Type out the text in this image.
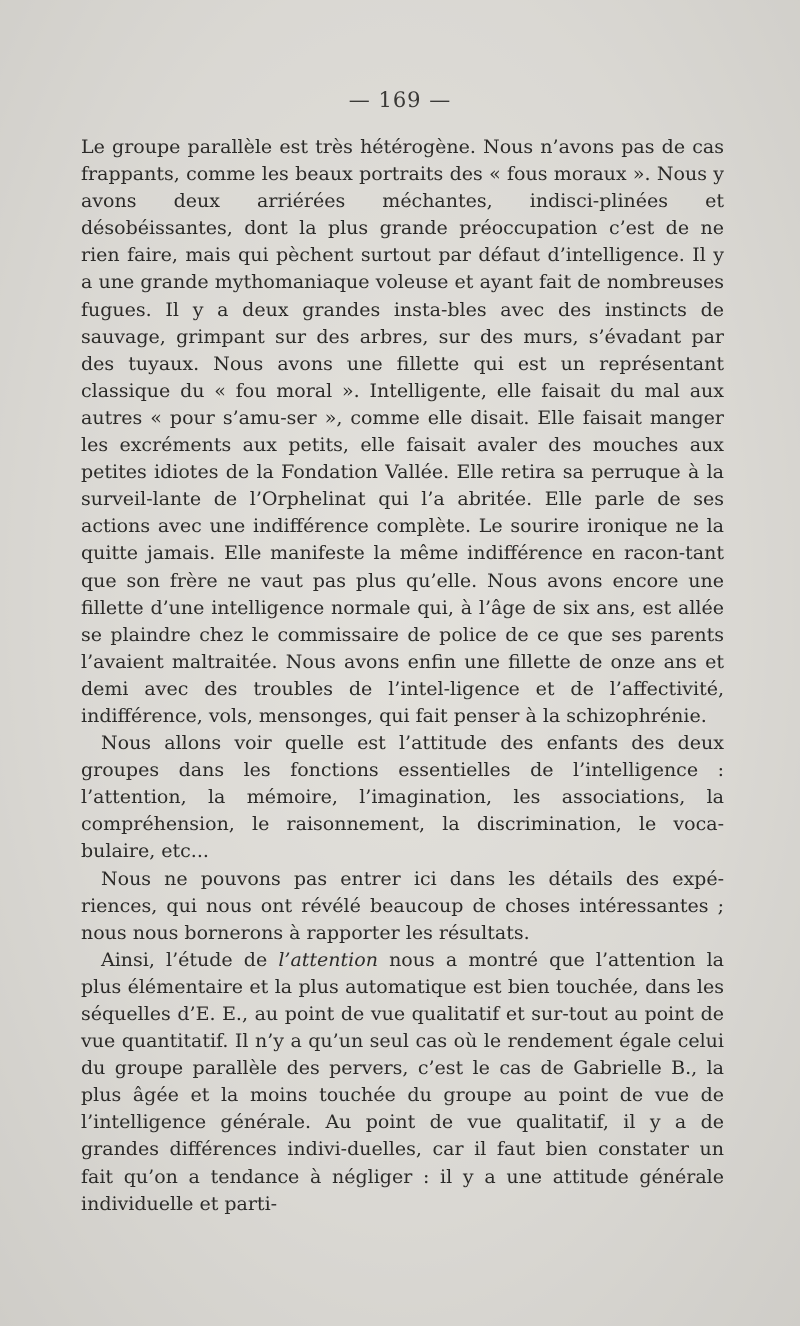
— 169 —

Le groupe parallèle est très hétérogène. Nous n’avons pas de cas frappants, comme les beaux portraits des « fous moraux ». Nous y avons deux arriérées méchantes, indisci-plinées et désobéissantes, dont la plus grande préoccupation c’est de ne rien faire, mais qui pèchent surtout par défaut d’intelligence. Il y a une grande mythomaniaque voleuse et ayant fait de nombreuses fugues. Il y a deux grandes insta-bles avec des instincts de sauvage, grimpant sur des arbres, sur des murs, s’évadant par des tuyaux. Nous avons une fillette qui est un représentant classique du « fou moral ». Intelligente, elle faisait du mal aux autres « pour s’amu-ser », comme elle disait. Elle faisait manger les excréments aux petits, elle faisait avaler des mouches aux petites idiotes de la Fondation Vallée. Elle retira sa perruque à la surveil-lante de l’Orphelinat qui l’a abritée. Elle parle de ses actions avec une indifférence complète. Le sourire ironique ne la quitte jamais. Elle manifeste la même indifférence en racon-tant que son frère ne vaut pas plus qu’elle. Nous avons encore une fillette d’une intelligence normale qui, à l’âge de six ans, est allée se plaindre chez le commissaire de police de ce que ses parents l’avaient maltraitée. Nous avons enfin une fillette de onze ans et demi avec des troubles de l’intel-ligence et de l’affectivité, indifférence, vols, mensonges, qui fait penser à la schizophrénie.

Nous allons voir quelle est l’attitude des enfants des deux groupes dans les fonctions essentielles de l’intelligence : l’attention, la mémoire, l’imagination, les associations, la compréhension, le raisonnement, la discrimination, le voca-bulaire, etc...

Nous ne pouvons pas entrer ici dans les détails des expé-riences, qui nous ont révélé beaucoup de choses intéressantes ; nous nous bornerons à rapporter les résultats.

Ainsi, l’étude de l’attention nous a montré que l’attention la plus élémentaire et la plus automatique est bien touchée, dans les séquelles d’E. E., au point de vue qualitatif et sur-tout au point de vue quantitatif. Il n’y a qu’un seul cas où le rendement égale celui du groupe parallèle des pervers, c’est le cas de Gabrielle B., la plus âgée et la moins touchée du groupe au point de vue de l’intelligence générale. Au point de vue qualitatif, il y a de grandes différences indivi-duelles, car il faut bien constater un fait qu’on a tendance à négliger : il y a une attitude générale individuelle et parti-
